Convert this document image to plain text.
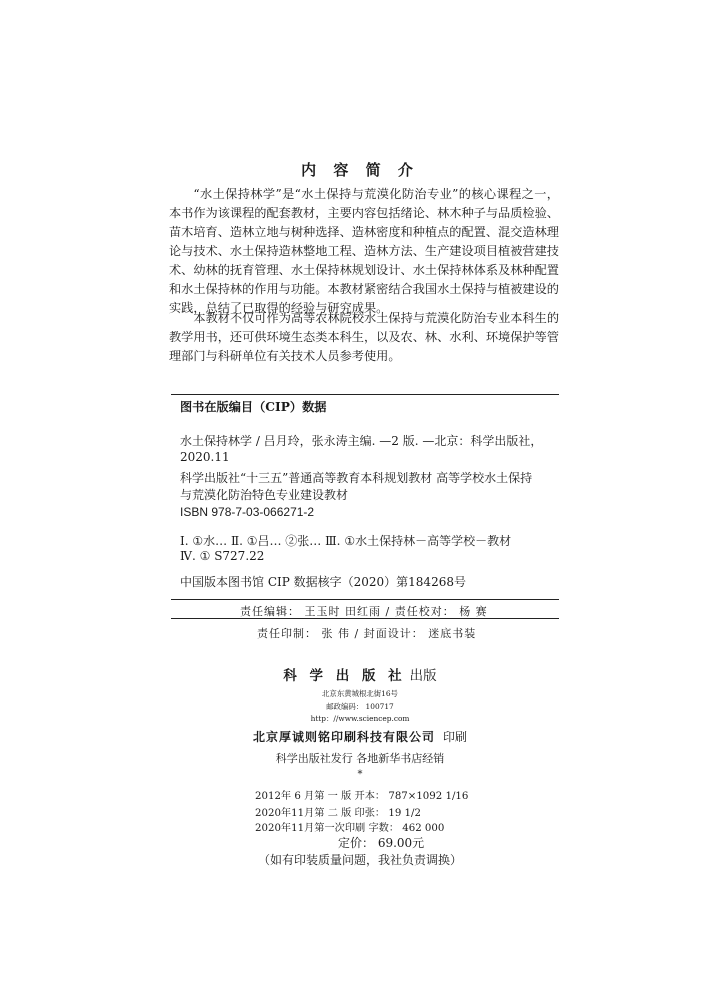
内 容 简 介
“水土保持林学”是“水土保持与荒漠化防治专业”的核心课程之一，本书作为该课程的配套教材，主要内容包括绪论、林木种子与品质检验、苗木培育、造林立地与树种选择、造林密度和种植点的配置、混交造林理论与技术、水土保持造林整地工程、造林方法、生产建设项目植被营建技术、幼林的抚育管理、水土保持林规划设计、水土保持林体系及林种配置和水土保持林的作用与功能。本教材紧密结合我国水土保持与植被建设的实践，总结了已取得的经验与研究成果。
本教材不仅可作为高等农林院校水土保持与荒漠化防治专业本科生的教学用书，还可供环境生态类本科生，以及农、林、水利、环境保护等管理部门与科研单位有关技术人员参考使用。
图书在版编目（CIP）数据
水土保持林学 / 吕月玲，张永涛主编. —2 版. —北京：科学出版社，
2020.11
科学出版社“十三五”普通高等教育本科规划教材 高等学校水土保持
与荒漠化防治特色专业建设教材
ISBN 978-7-03-066271-2
Ⅰ. ①水… Ⅱ. ①吕… ②张… Ⅲ. ①水土保持林－高等学校－教材
Ⅳ. ① S727.22
中国版本图书馆 CIP 数据核字（2020）第184268号
责任编辑： 王玉时 田红雨 / 责任校对： 杨 赛
责任印制： 张 伟 / 封面设计： 迷底书装
科 学 出 版 社 出版
北京东黄城根北街16号
邮政编码： 100717
http：//www.sciencep.com
北京厚诚则铭印刷科技有限公司 印刷
科学出版社发行 各地新华书店经销
*
2012年 6 月第 一 版 开本： 787×1092 1/16
2020年11月第 二 版 印张： 19 1/2
2020年11月第一次印刷 字数： 462 000
定价： 69.00元
（如有印装质量问题，我社负责调换）
